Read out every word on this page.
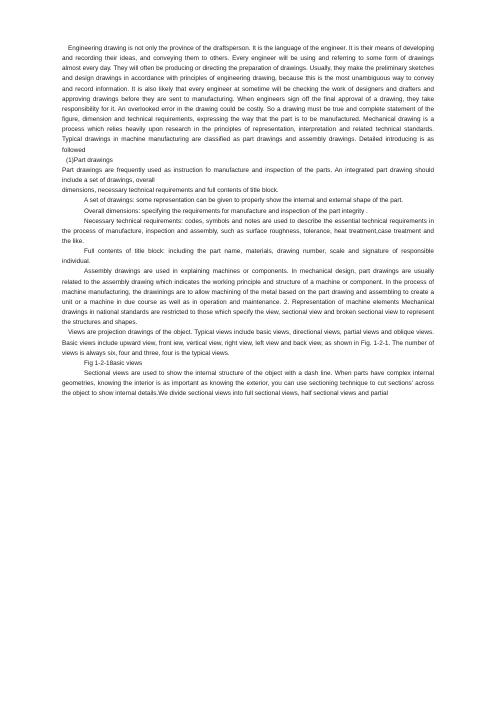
Engineering drawing is not only the province of the draftsperson. It is the language of the engineer. It is their means of developing and recording their ideas, and conveying them to others. Every engineer will be using and referring to some form of drawings almost every day. They will often be producing or directing the preparation of drawings. Usually, they make the preliminary sketches and design drawings in accordance with principles of engineering drawing, because this is the most unambiguous way to convey and record information. It is also likely that every engineer at sometime will be checking the work of designers and drafters and approving drawings before they are sent to manufacturing. When engineers sign off the final approval of a drawing, they take responsibility for it. An overlooked error in the drawing could be costly. So a drawing must be true and complete statement of the figure, dimension and technical requirements, expressing the way that the part is to be manufactured. Mechanical drawing is a process which relies heavily upon research in the principles of representation, interpretation and related technical standards. Typical drawings in machine manufacturing are classified as part drawings and assembly drawings. Detailed introducing is as followed

(1)Part drawings

Part drawings are frequently used as instruction fo manufacture and inspection of the parts. An integrated part drawing should include a set of drawings, overall

dimensions, necessary technical requirements and full contents of title block.

A set of drawings: some representation can be given to properly show the internal and external shape of the part.

Overall dimensions: specifying the requirements for manufacture and inspection of the part integrity .

Necessary technical requirements: codes, symbols and notes are used to describe the essential technical requirements in the process of manufacture, inspection and assembly, such as surface roughness, tolerance, heat treatment,case treatment and the like.

Full contents of title block: including the part name, materials, drawing number, scale and signature of responsible individual.

Assembly drawings are used in explaining machines or components. In mechanical design, part drawings are usually related to the assembly drawing which indicates the working principle and structure of a machine or component. In the process of machine manufacturing, the drawinings are to allow machining of the metal based on the part drawing and assembling to create a unit or a machine in due course as well as in operation and maintenance. 2. Representation of machine elements Mechanical drawings in national standards are restricted to those which specify the view, sectional view and broken sectional view to represent the structures and shapes.

Views are projection drawings of the object. Typical views include basic views, directional views, partial views and oblique views. Basic views include upward view, front iew, vertical view, right view, left view and back view, as shown in Fig. 1-2-1. The number of views is always six, four and three, four is the typical views.

Fig 1-2-18asic views

Sectional views are used to show the internal structure of the object with a dash line. When parts have complex internal geometries, knowing the interior is as important as knowing the exterior, you can use sectioning technique to cut sections' across the object to show internal details.We divide sectional views into full sectional views, half sectional views and partial
